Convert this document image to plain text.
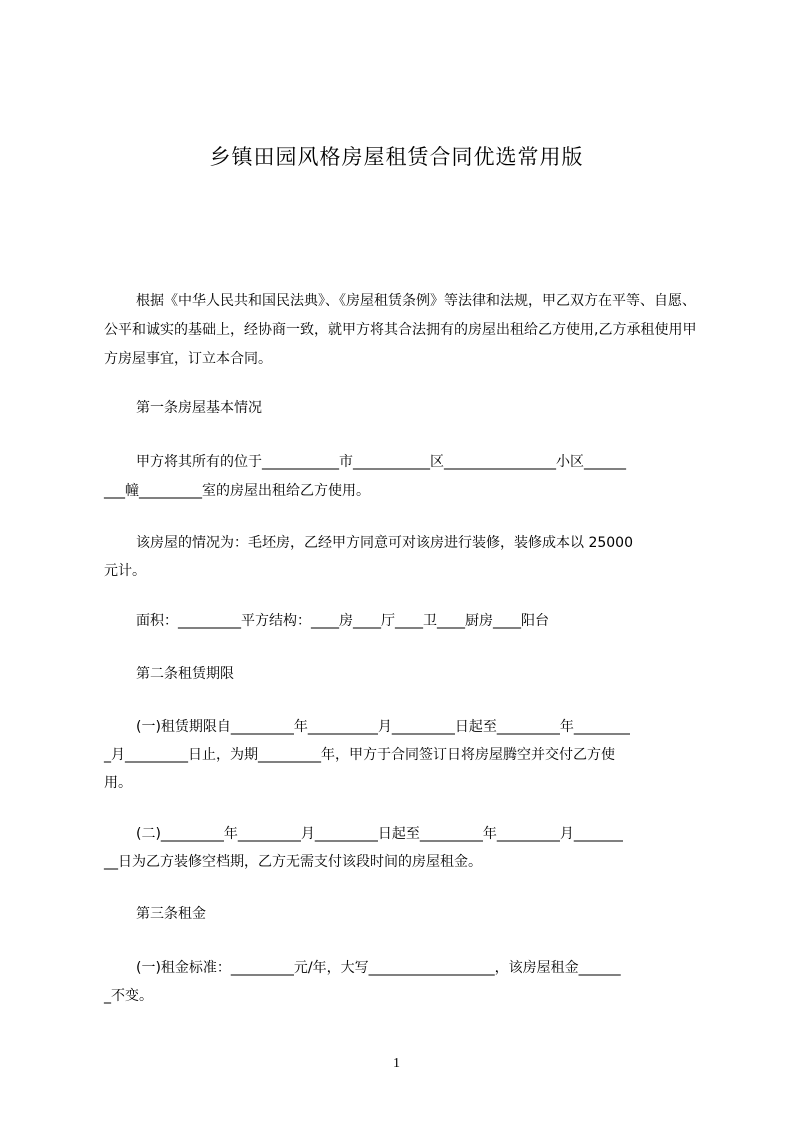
乡镇田园风格房屋租赁合同优选常用版
根据《中华人民共和国民法典》、《房屋租赁条例》等法律和法规，甲乙双方在平等、自愿、公平和诚实的基础上，经协商一致，就甲方将其合法拥有的房屋出租给乙方使用,乙方承租使用甲方房屋事宜，订立本合同。
第一条房屋基本情况
甲方将其所有的位于___________市___________区________________小区______
___幢_________室的房屋出租给乙方使用。
该房屋的情况为：毛坯房，乙经甲方同意可对该房进行装修，装修成本以 25000
元计。
面积：_________平方结构：____房____厅____卫____厨房____阳台
第二条租赁期限
(一)租赁期限自_________年__________月_________日起至_________年________
_月_________日止，为期_________年，甲方于合同签订日将房屋腾空并交付乙方使
用。
(二)_________年_________月_________日起至_________年_________月_______
__日为乙方装修空档期，乙方无需支付该段时间的房屋租金。
第三条租金
(一)租金标准：_________元/年，大写__________________，该房屋租金______
_不变。
1
